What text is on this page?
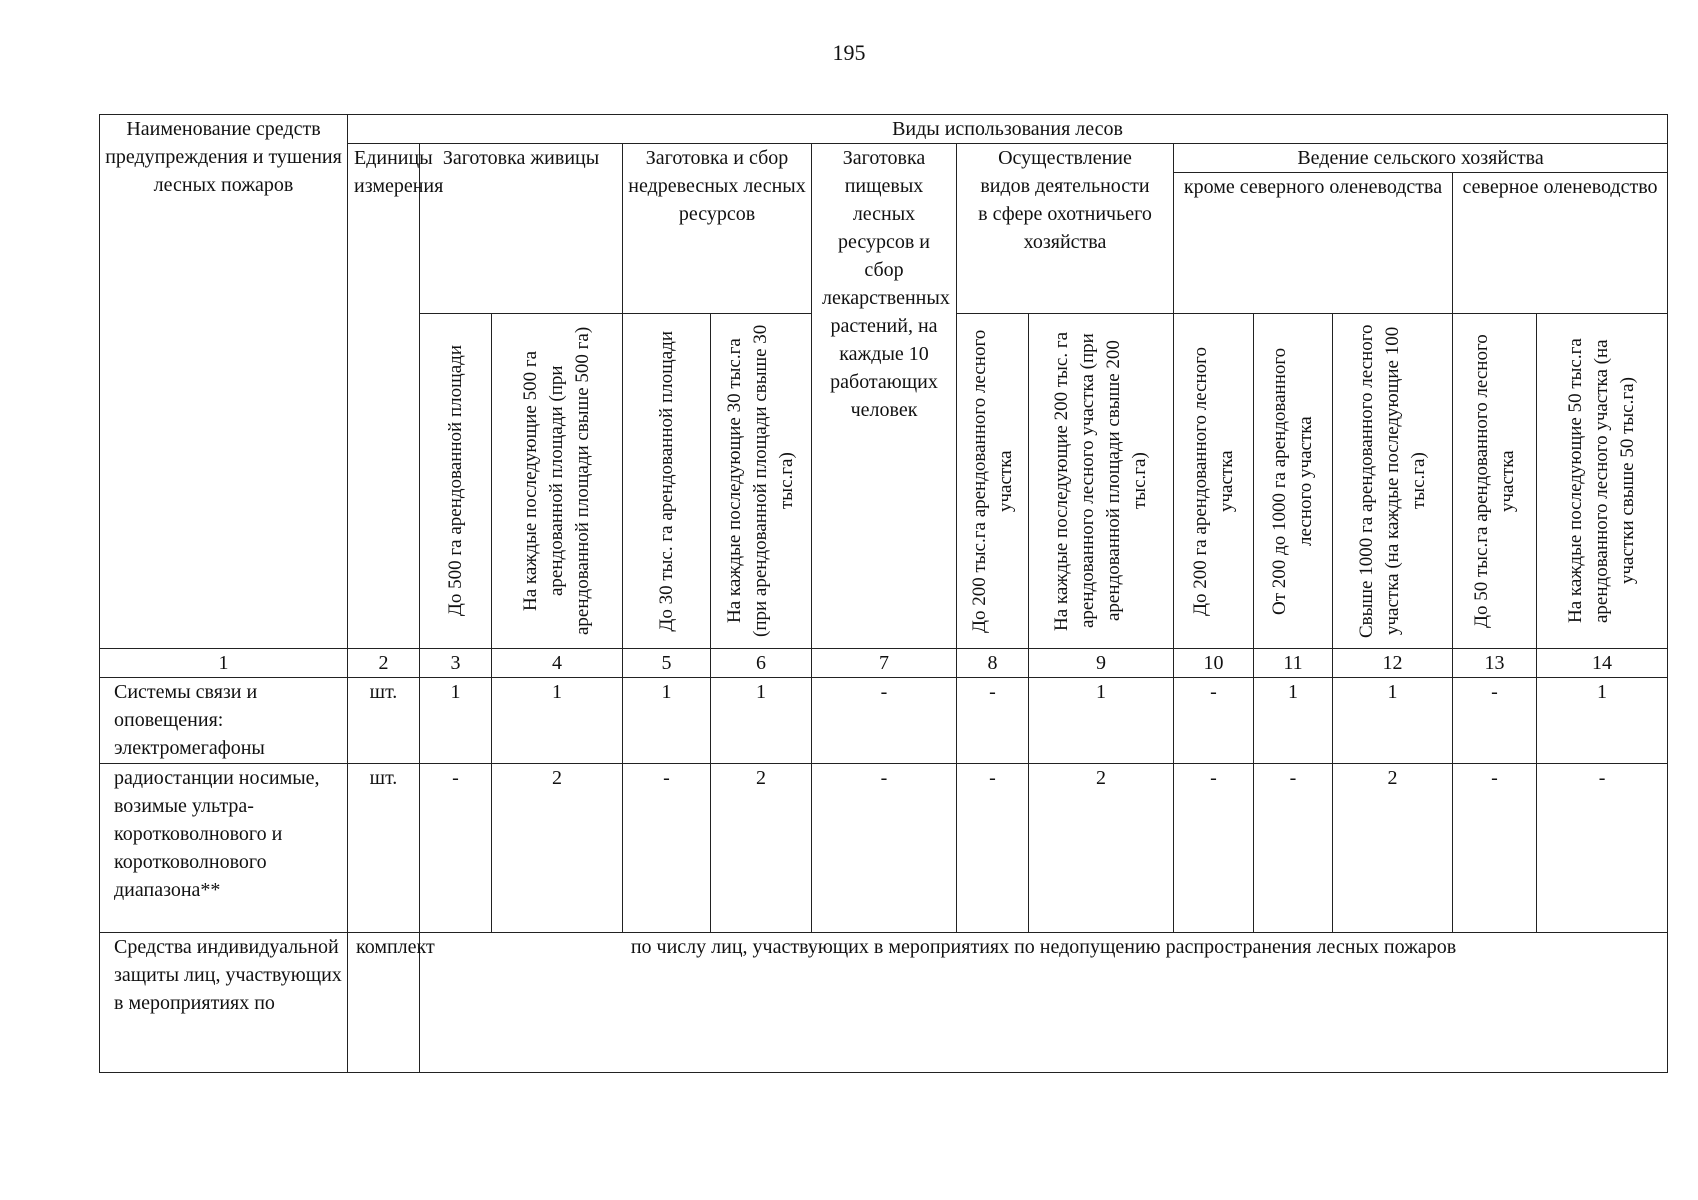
195
Наименование средств предупреждения и тушения лесных пожаров	Виды использования лесов												
	Единицы измерения	Заготовка живицы		Заготовка и сбор недревесных лесных ресурсов		Заготовка пищевых лесных ресурсов и сбор лекарственных растений, на каждые 10 работающих человек	Осуществление видов деятельности в сфере охотничьего хозяйства		Ведение сельского хозяйства				
									кроме северного оленеводства			северное оленеводство	

		До 500 га арендованной площади	На каждые последующие 500 га арендованной площади (при арендованной площади свыше 500 га)	До 30 тыс. га арендованной площади	На каждые последующие 30 тыс.га (при арендованной площади свыше 30 тыс.га)		До 200 тыс.га арендованного лесного участка	На каждые последующие 200 тыс. га арендованного лесного участка (при арендованной площади свыше 200 тыс.га)	До 200 га арендованного лесного участка	От 200 до 1000 га арендованного лесного участка	Свыше 1000 га арендованного лесного участка (на каждые последующие 100 тыс.га)	До 50 тыс.га арендованного лесного участка	На каждые последующие 50 тыс.га арендованного лесного участка (на участки свыше 50 тыс.га)

1	2	3	4	5	6	7	8	9	10	11	12	13	14
Системы связи и оповещения: электромегафоны	шт.	1	1	1	1	-	-	1	-	1	1	-	1
радиостанции носимые, возимые ультра-коротковолнового и коротковолнового диапазона**	шт.	-	2	-	2	-	-	2	-	-	2	-	-
Средства индивидуальной защиты лиц, участвующих в мероприятиях по	комплект	по числу лиц, участвующих в мероприятиях по недопущению распространения лесных пожаров											
